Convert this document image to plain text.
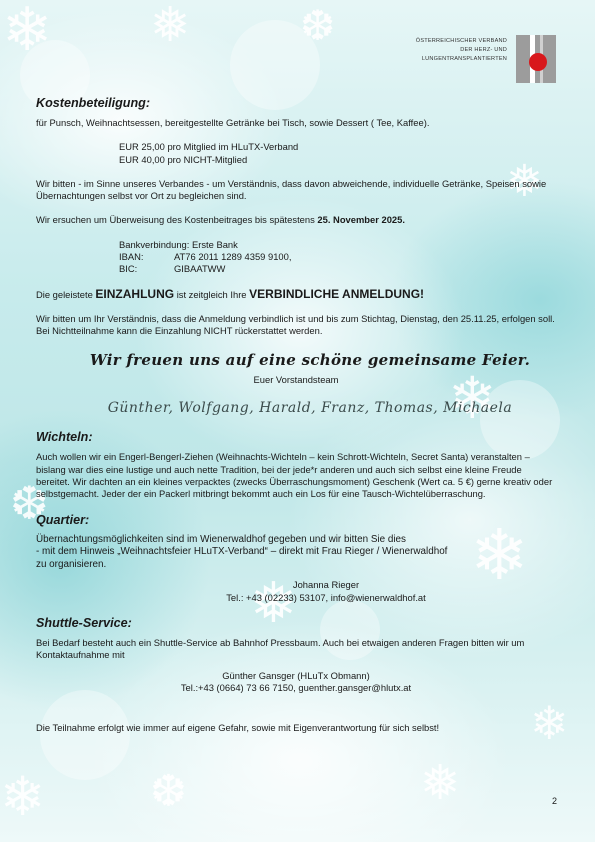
❄ ❅	❆
❄
❅
❆
❄
❅
❄ ❆	❅
❄
ÖSTERREICHISCHER VERBAND
DER HERZ- UND
LUNGENTRANSPLANTIERTEN
Kostenbeteiligung:

für Punsch, Weihnachtsessen, bereitgestellte Getränke bei Tisch, sowie Dessert ( Tee, Kaffee).

EUR 25,00 pro Mitglied im HLuTX-Verband

EUR 40,00 pro NICHT-Mitglied

Wir bitten - im Sinne unseres Verbandes - um Verständnis, dass davon abweichende, individuelle Getränke, Speisen sowie Übernachtungen selbst vor Ort zu begleichen sind.

Wir ersuchen um Überweisung des Kostenbeitrages bis spätestens 25. November 2025.

Bankverbindung: Erste Bank

IBAN:	AT76 2011 1289 4359 9100,
BIC:	GIBAATWW

Die geleistete EINZAHLUNG ist zeitgleich Ihre VERBINDLICHE ANMELDUNG!

Wir bitten um Ihr Verständnis, dass die Anmeldung verbindlich ist und bis zum Stichtag, Dienstag, den 25.11.25, erfolgen soll. Bei Nichtteilnahme kann die Einzahlung NICHT rückerstattet werden.

Wir freuen uns auf eine schöne gemeinsame Feier.

Euer Vorstandsteam

Günther, Wolfgang, Harald, Franz, Thomas, Michaela

Wichteln:

Auch wollen wir ein Engerl-Bengerl-Ziehen (Weihnachts-Wichteln – kein Schrott-Wichteln, Secret Santa) veranstalten – bislang war dies eine lustige und auch nette Tradition, bei der jede*r anderen und auch sich selbst eine kleine Freude bereitet. Wir dachten an ein kleines verpacktes (zwecks Überraschungsmoment) Geschenk (Wert ca. 5 €) gerne kreativ oder selbstgemacht. Jeder der ein Packerl mitbringt bekommt auch ein Los für eine Tausch-Wichtelüberraschung.

Quartier:

Übernachtungsmöglichkeiten sind im Wienerwaldhof gegeben und wir bitten Sie dies

- mit dem Hinweis „Weihnachtsfeier HLuTX-Verband“ – direkt mit Frau Rieger / Wienerwaldhof

zu organisieren.

Johanna Rieger

Tel.: +43 (02233) 53107, info@wienerwaldhof.at

Shuttle-Service:

Bei Bedarf besteht auch ein Shuttle-Service ab Bahnhof Pressbaum. Auch bei etwaigen anderen Fragen bitten wir um Kontaktaufnahme mit

Günther Gansger (HLuTx Obmann)

Tel.:+43 (0664) 73 66 7150, guenther.gansger@hlutx.at

Die Teilnahme erfolgt wie immer auf eigene Gefahr, sowie mit Eigenverantwortung für sich selbst!

2
